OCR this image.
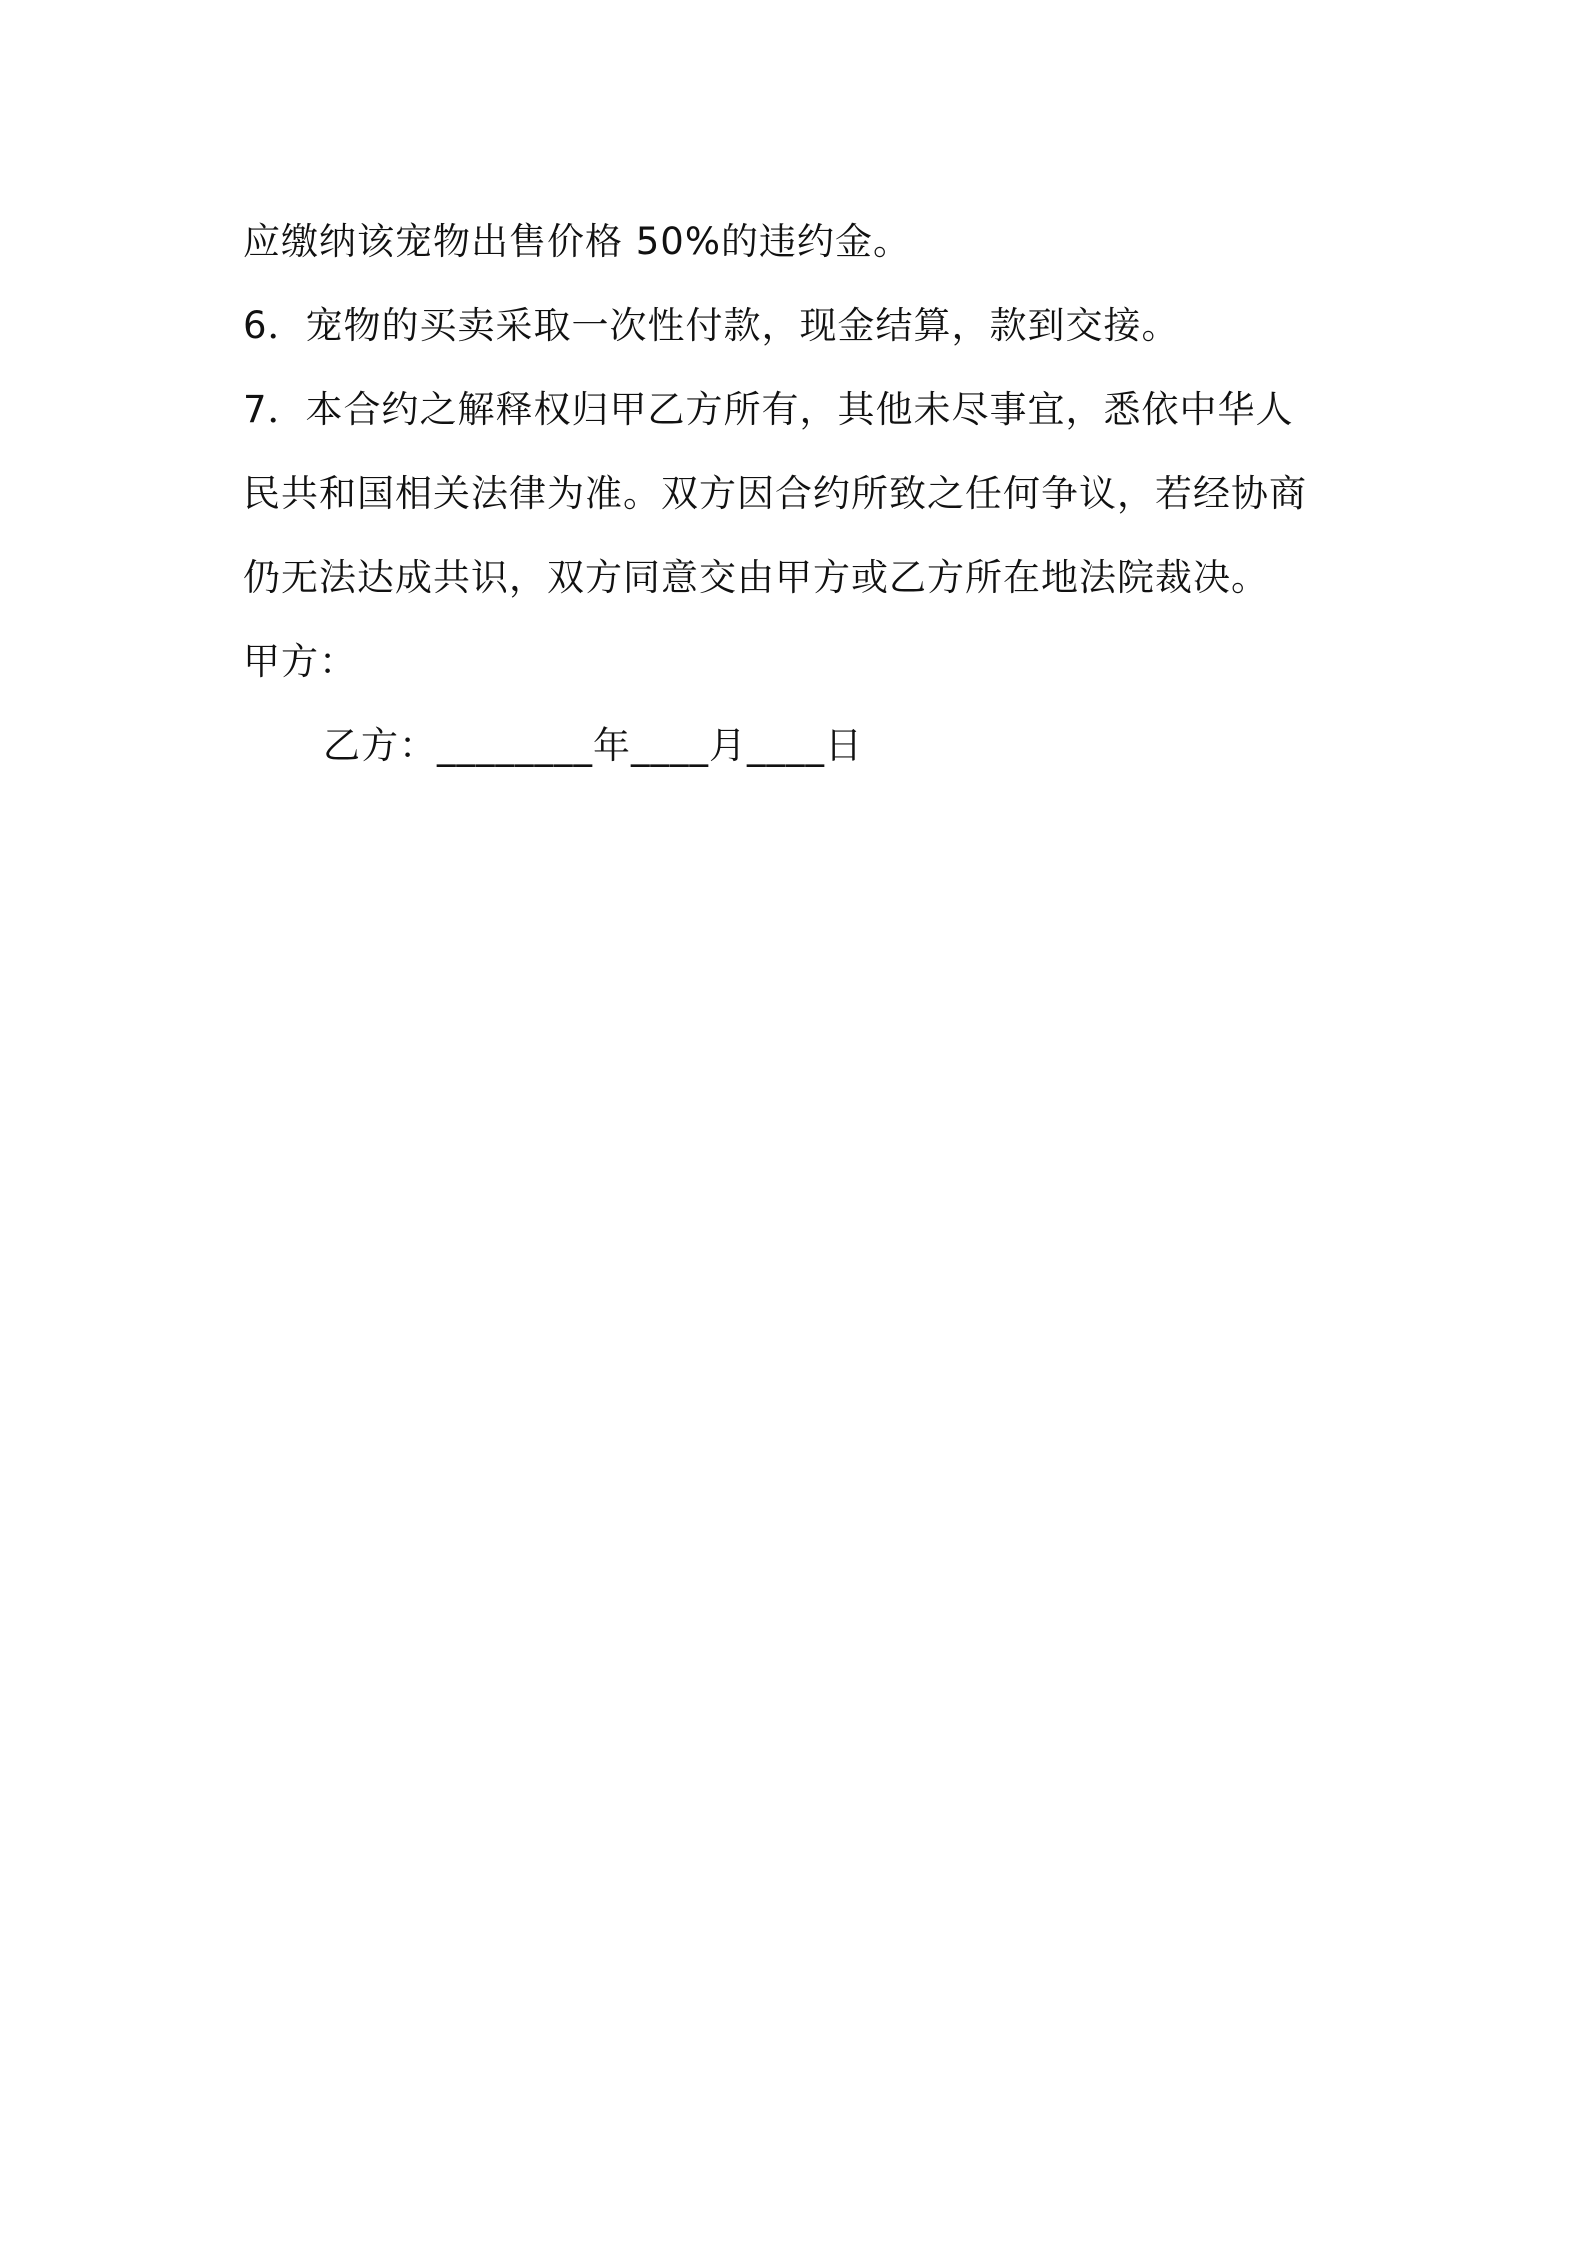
应缴纳该宠物出售价格 50%的违约金。
6．宠物的买卖采取一次性付款，现金结算，款到交接。
7．本合约之解释权归甲乙方所有，其他未尽事宜，悉依中华人
民共和国相关法律为准。双方因合约所致之任何争议，若经协商
仍无法达成共识，双方同意交由甲方或乙方所在地法院裁决。
甲方：
乙方：________年____月____日
